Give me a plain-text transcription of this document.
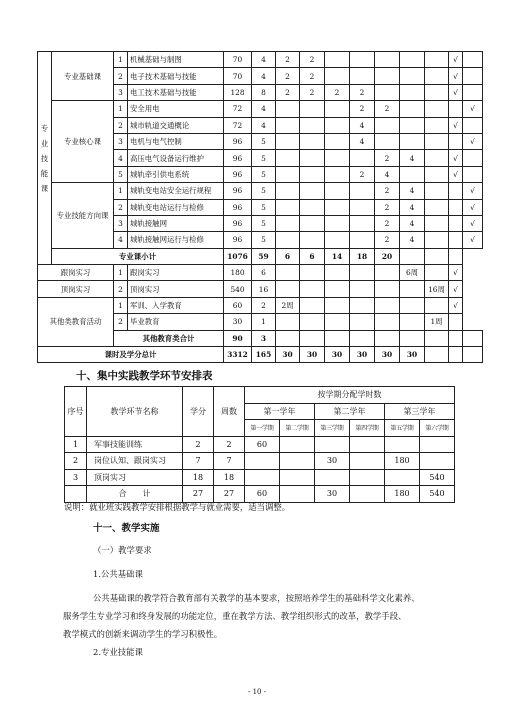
专业技能课	专业基础课	1	机械基础与制图	70	4	2	2						√		
		2	电子技术基础与技能	70	4	2	2						√		
		3	电工技术基础与技能	128	8	2	2	2	2				√		
	专业核心课	1	安全用电	72	4				2	2				√	
		2	城市轨道交通概论	72	4				4				√		
		3	电机与电气控制	96	5				4					√	
		4	高压电气设备运行维护	96	5					2	4		√		
		5	城轨牵引供电系统	96	5				2	4			√		
	专业技能方向课	1	城轨变电站安全运行规程	96	5					2	4			√	
		2	城轨变电站运行与检修	96	5					2	4			√	
		3	城轨接触网	96	5					2	4			√	
		4	城轨接触网运行与检修	96	5					2	4			√	
	专业课小计			1076	59	6	6	14	18	20					
跟岗实习		1	跟岗实习	180	6						6周		√		
顶岗实习		2	顶岗实习	540	16							16周	√		
其他类教育活动		1	军训、入学教育	60	2	2周							√		
		2	毕业教育	30	1							1周			
		其他教育类合计		90	3										
课时及学分总计				3312	165	30	30	30	30	30	30				
十、集中实践教学环节安排表
序号	教学环节名称	学分	周数	按学期分配学时数					
				第一学年		第二学年		第三学年	
				第一学期	第二学期	第三学期	第四学期	第五学期	第六学期
1	军事技能训练	2	2	60					
2	岗位认知、跟岗实习	7	7			30		180	
3	顶岗实习	18	18						540
	合　　计	27	27	60		30		180	540
说明：就业班实践教学安排根据教学与就业需要，适当调整。
十一、教学实施
（一）教学要求
1.公共基础课
公共基础课的教学符合教育部有关教学的基本要求，按照培养学生的基础科学文化素养、
服务学生专业学习和终身发展的功能定位，重在教学方法、教学组织形式的改革，教学手段、
教学模式的创新来调动学生的学习积极性。
2.专业技能课
- 10 -
